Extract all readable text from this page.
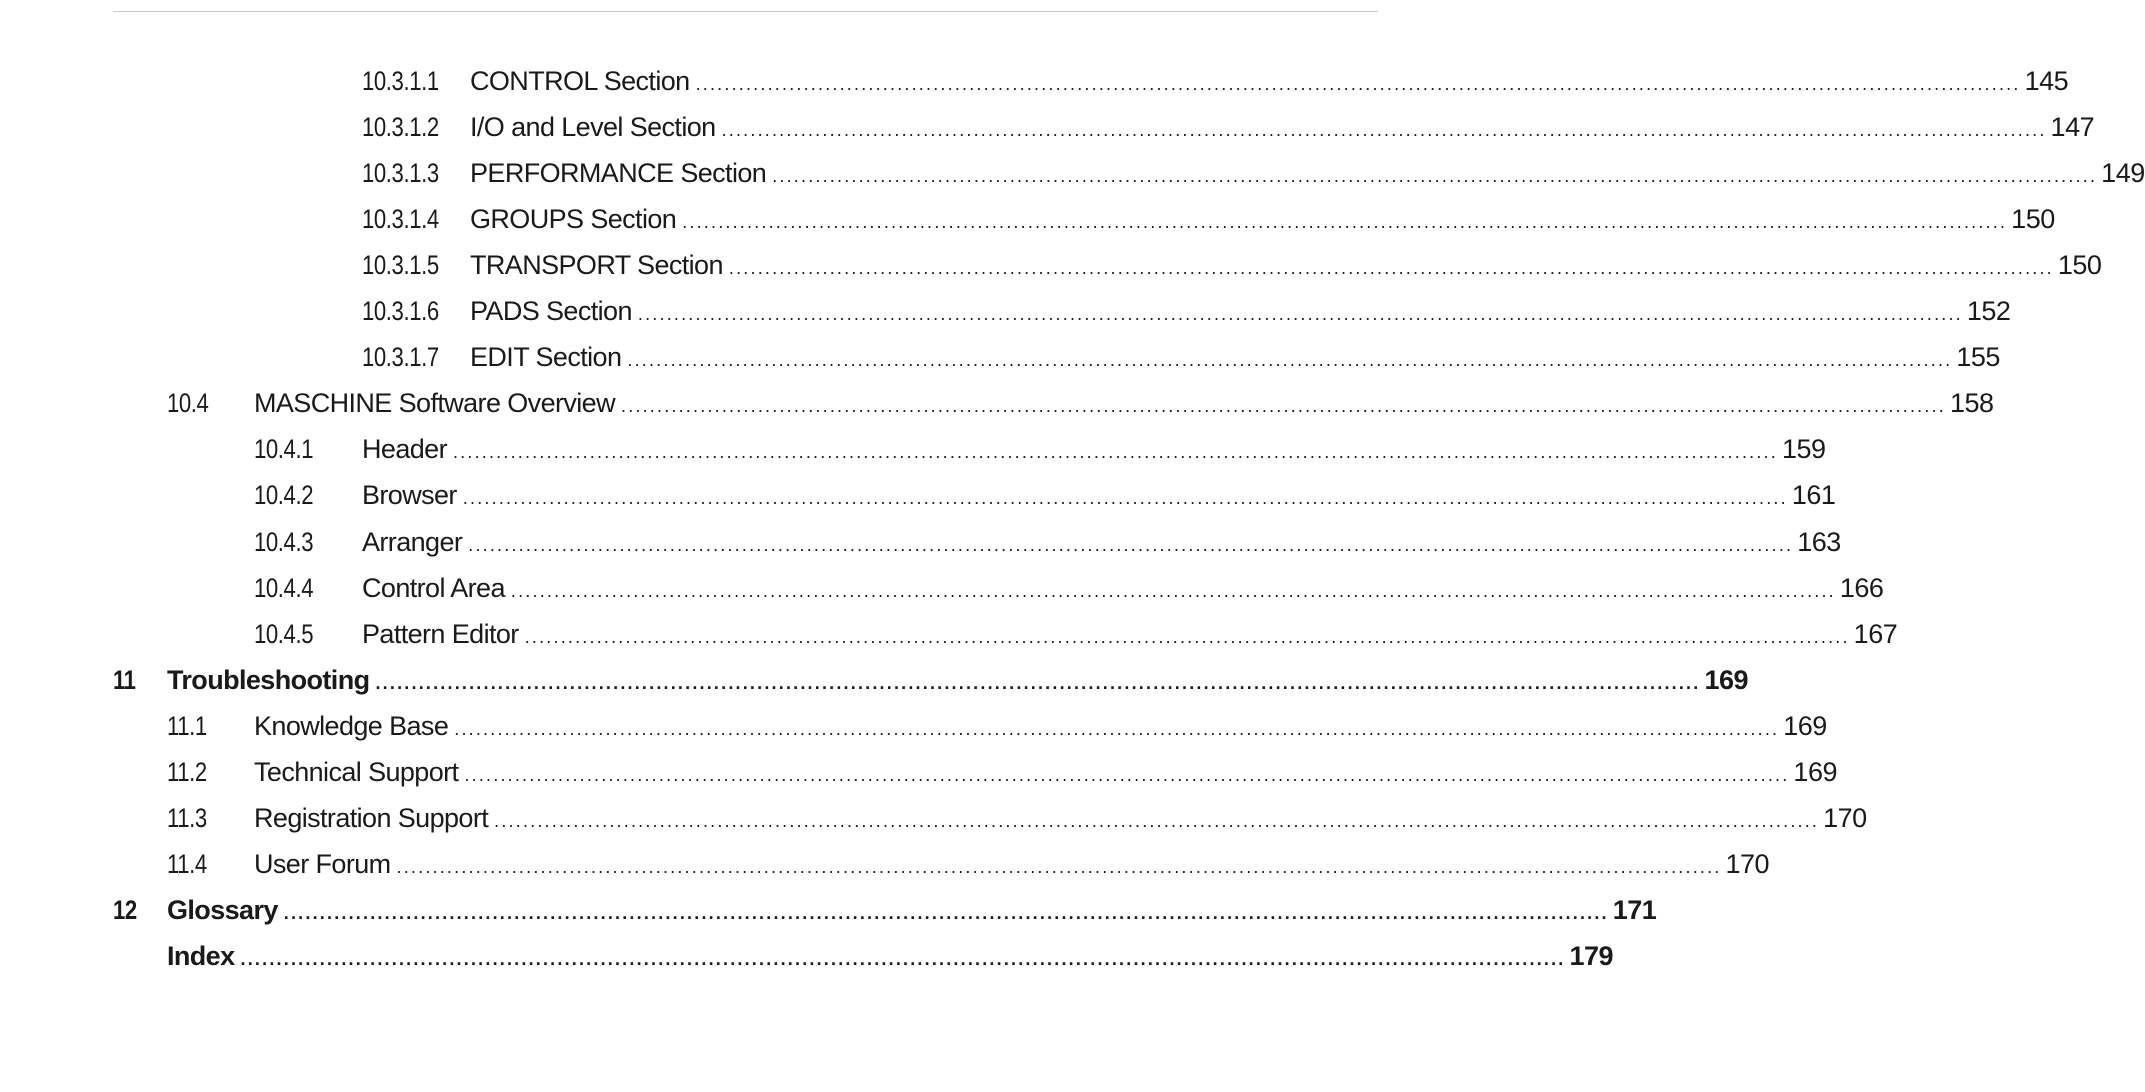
10.3.1.1	CONTROL Section ........................................................................................................................................................................................ 145
10.3.1.2	I/O and Level Section ........................................................................................................................................................................................ 147
10.3.1.3	PERFORMANCE Section ........................................................................................................................................................................................ 149
10.3.1.4	GROUPS Section ........................................................................................................................................................................................ 150
10.3.1.5	TRANSPORT Section ........................................................................................................................................................................................ 150
10.3.1.6	PADS Section ........................................................................................................................................................................................ 152
10.3.1.7	EDIT Section ........................................................................................................................................................................................ 155
10.4	MASCHINE Software Overview ........................................................................................................................................................................................ 158
10.4.1	Header ........................................................................................................................................................................................ 159
10.4.2	Browser ........................................................................................................................................................................................ 161
10.4.3	Arranger ........................................................................................................................................................................................ 163
10.4.4	Control Area ........................................................................................................................................................................................ 166
10.4.5	Pattern Editor ........................................................................................................................................................................................ 167
11 Troubleshooting ........................................................................................................................................................................................ 169
11.1	Knowledge Base ........................................................................................................................................................................................ 169
11.2	Technical Support ........................................................................................................................................................................................ 169
11.3	Registration Support ........................................................................................................................................................................................ 170
11.4	User Forum ........................................................................................................................................................................................ 170
12 Glossary ........................................................................................................................................................................................ 171
Index ........................................................................................................................................................................................ 179
